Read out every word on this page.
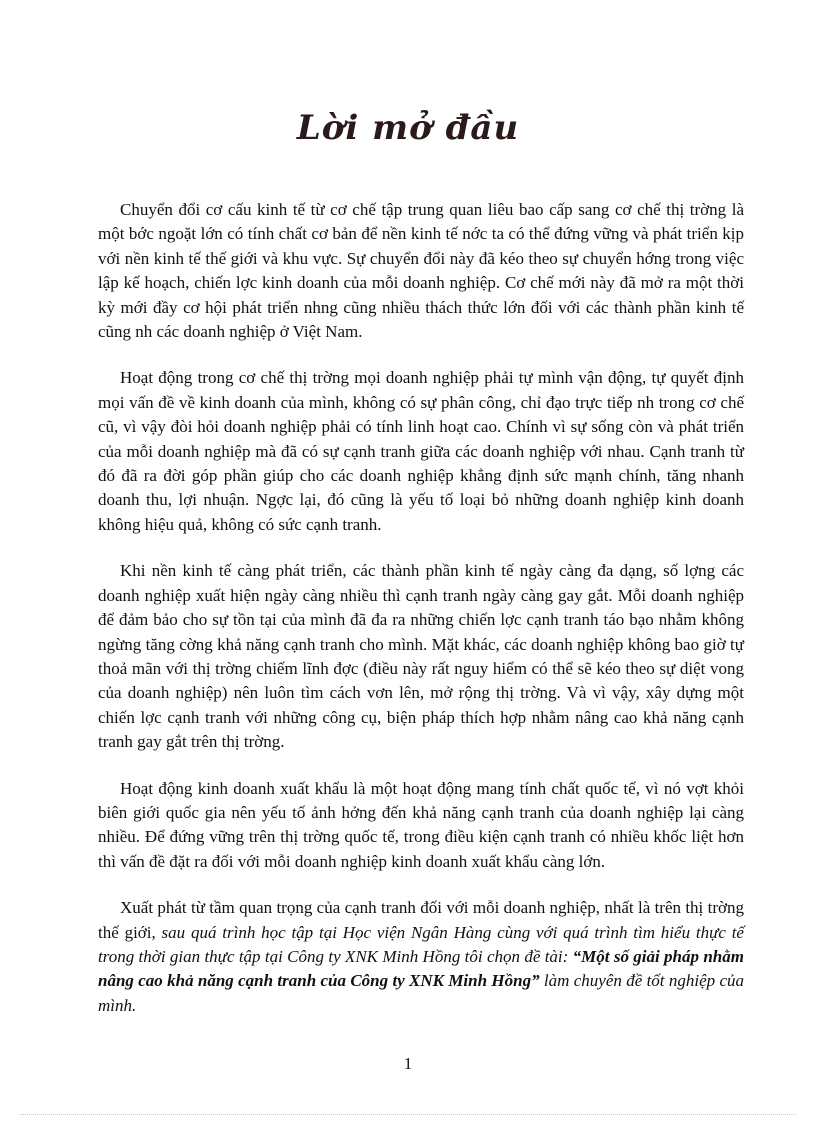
Lời mở đầu

Chuyển đổi cơ cấu kinh tế từ cơ chế tập trung quan liêu bao cấp sang cơ chế thị trờng là một bớc ngoặt lớn có tính chất cơ bản để nền kinh tế nớc ta có thể đứng vững và phát triển kịp với nền kinh tế thế giới và khu vực. Sự chuyển đổi này đã kéo theo sự chuyển hớng trong việc lập kế hoạch, chiến lợc kinh doanh của mỗi doanh nghiệp. Cơ chế mới này đã mở ra một thời kỳ mới đầy cơ hội phát triển nhng cũng nhiều thách thức lớn đối với các thành phần kinh tế cũng nh các doanh nghiệp ở Việt Nam.

Hoạt động trong cơ chế thị trờng mọi doanh nghiệp phải tự mình vận động, tự quyết định mọi vấn đề về kinh doanh của mình, không có sự phân công, chỉ đạo trực tiếp nh trong cơ chế cũ, vì vậy đòi hỏi doanh nghiệp phải có tính linh hoạt cao. Chính vì sự sống còn và phát triển của mỗi doanh nghiệp mà đã có sự cạnh tranh giữa các doanh nghiệp với nhau. Cạnh tranh từ đó đã ra đời góp phần giúp cho các doanh nghiệp khẳng định sức mạnh chính, tăng nhanh doanh thu, lợi nhuận. Ngợc lại, đó cũng là yếu tố loại bỏ những doanh nghiệp kinh doanh không hiệu quả, không có sức cạnh tranh.

Khi nền kinh tế càng phát triển, các thành phần kinh tế ngày càng đa dạng, số lợng các doanh nghiệp xuất hiện ngày càng nhiều thì cạnh tranh ngày càng gay gắt. Mỗi doanh nghiệp để đảm bảo cho sự tồn tại của mình đã đa ra những chiến lợc cạnh tranh táo bạo nhằm không ngừng tăng cờng khả năng cạnh tranh cho mình. Mặt khác, các doanh nghiệp không bao giờ tự thoả mãn với thị trờng chiếm lĩnh đợc (điều này rất nguy hiểm có thể sẽ kéo theo sự diệt vong của doanh nghiệp) nên luôn tìm cách vơn lên, mở rộng thị trờng. Và vì vậy, xây dựng một chiến lợc cạnh tranh với những công cụ, biện pháp thích hợp nhằm nâng cao khả năng cạnh tranh gay gắt trên thị trờng.

Hoạt động kinh doanh xuất khẩu là một hoạt động mang tính chất quốc tế, vì nó vợt khỏi biên giới quốc gia nên yếu tố ảnh hởng đến khả năng cạnh tranh của doanh nghiệp lại càng nhiều. Để đứng vững trên thị trờng quốc tế, trong điều kiện cạnh tranh có nhiều khốc liệt hơn thì vấn đề đặt ra đối với mỗi doanh nghiệp kinh doanh xuất khẩu càng lớn.

Xuất phát từ tầm quan trọng của cạnh tranh đối với mỗi doanh nghiệp, nhất là trên thị trờng thế giới, sau quá trình học tập tại Học viện Ngân Hàng cùng với quá trình tìm hiểu thực tế trong thời gian thực tập tại Công ty XNK Minh Hồng tôi chọn đề tài: “Một số giải pháp nhằm nâng cao khả năng cạnh tranh của Công ty XNK Minh Hồng” làm chuyên đề tốt nghiệp của mình.

1
